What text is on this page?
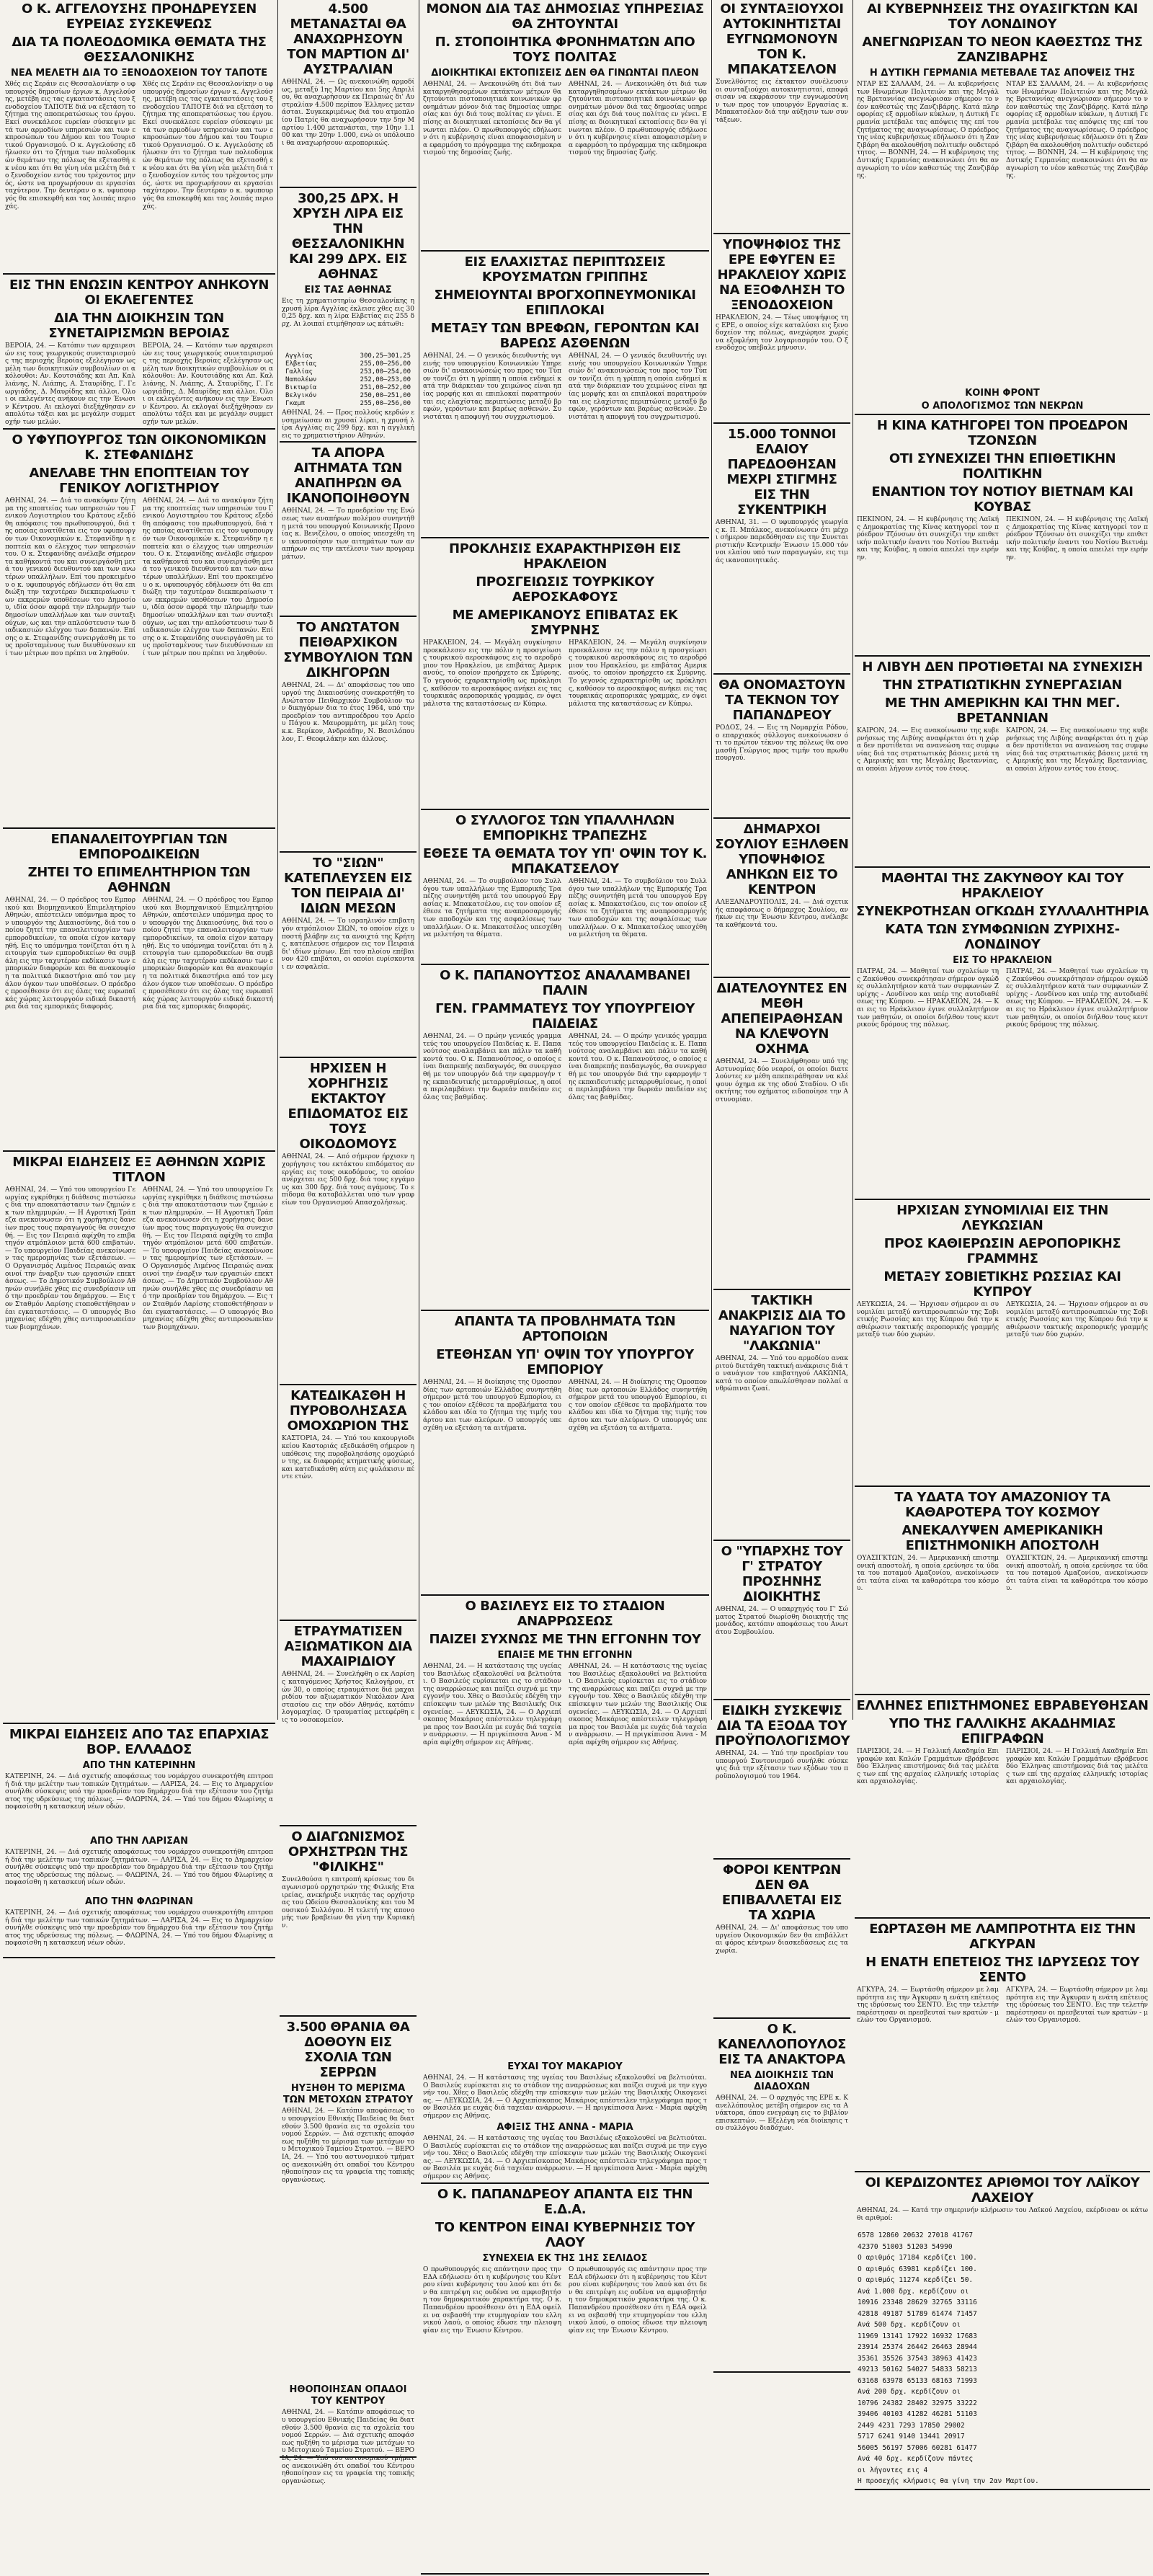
Ο Κ. ΑΓΓΕΛΟΥΣΗΣ ΠΡΟΗΔΡΕΥΣΕΝ ΕΥΡΕΙΑΣ ΣΥΣΚΕΨΕΩΣ
ΔΙΑ ΤΑ ΠΟΛΕΟΔΟΜΙΚΑ ΘΕΜΑΤΑ ΤΗΣ ΘΕΣΣΑΛΟΝΙΚΗΣ
ΝΕΑ ΜΕΛΕΤΗ ΔΙΑ ΤΟ ΞΕΝΟΔΟΧΕΙΟΝ ΤΟΥ ΤΑΠΟΤΕ

Χθές εις Σεράιν εις Θεσσαλονίκην ο υφυπουργός δημοσίων έργων κ. Αγγελούσης, μετέβη εις τας εγκαταστάσεις του ξενοδοχείου ΤΑΠΟΤΕ διά να εξετάση το ζήτημα της αποπερατώσεως του έργου. Εκεί συνεκάλεσε ευρείαν σύσκεψιν μετά των αρμοδίων υπηρεσιών και των εκπροσώπων του Δήμου και του Τουριστικού Οργανισμού. Ο κ. Αγγελούσης εδήλωσεν ότι το ζήτημα των πολεοδομικών θεμάτων της πόλεως θα εξετασθή εκ νέου και ότι θα γίνη νέα μελέτη διά το ξενοδοχείον εντός του τρέχοντος μηνός, ώστε να προχωρήσουν αι εργασίαι ταχύτερον. Την δευτέραν ο κ. υφυπουργός θα επισκεφθή και τας λοιπάς περιοχάς.

Χθές εις Σεράιν εις Θεσσαλονίκην ο υφυπουργός δημοσίων έργων κ. Αγγελούσης, μετέβη εις τας εγκαταστάσεις του ξενοδοχείου ΤΑΠΟΤΕ διά να εξετάση το ζήτημα της αποπερατώσεως του έργου. Εκεί συνεκάλεσε ευρείαν σύσκεψιν μετά των αρμοδίων υπηρεσιών και των εκπροσώπων του Δήμου και του Τουριστικού Οργανισμού. Ο κ. Αγγελούσης εδήλωσεν ότι το ζήτημα των πολεοδομικών θεμάτων της πόλεως θα εξετασθή εκ νέου και ότι θα γίνη νέα μελέτη διά το ξενοδοχείον εντός του τρέχοντος μηνός, ώστε να προχωρήσουν αι εργασίαι ταχύτερον. Την δευτέραν ο κ. υφυπουργός θα επισκεφθή και τας λοιπάς περιοχάς.

ΕΙΣ ΤΗΝ ΕΝΩΣΙΝ ΚΕΝΤΡΟΥ ΑΝΗΚΟΥΝ ΟΙ ΕΚΛΕΓΕΝΤΕΣ
ΔΙΑ ΤΗΝ ΔΙΟΙΚΗΣΙΝ ΤΩΝ ΣΥΝΕΤΑΙΡΙΣΜΩΝ ΒΕΡΟΙΑΣ

ΒΕΡΟΙΑ, 24. — Κατόπιν των αρχαιρεσιών εις τους γεωργικούς συνεταιρισμούς της περιοχής Βεροίας εξελέγησαν ως μέλη των διοικητικών συμβουλίων οι ακόλουθοι: Αν. Κουτσιάδης και Απ. Καλλιάνης, Ν. Λιάπης, Α. Σταυρίδης, Γ. Γεωργιάδης, Δ. Μαυρίδης και άλλοι. Όλοι οι εκλεγέντες ανήκουν εις την Ένωσιν Κέντρου. Αι εκλογαί διεξήχθησαν εν απολύτω τάξει και με μεγάλην συμμετοχήν των μελών.

ΒΕΡΟΙΑ, 24. — Κατόπιν των αρχαιρεσιών εις τους γεωργικούς συνεταιρισμούς της περιοχής Βεροίας εξελέγησαν ως μέλη των διοικητικών συμβουλίων οι ακόλουθοι: Αν. Κουτσιάδης και Απ. Καλλιάνης, Ν. Λιάπης, Α. Σταυρίδης, Γ. Γεωργιάδης, Δ. Μαυρίδης και άλλοι. Όλοι οι εκλεγέντες ανήκουν εις την Ένωσιν Κέντρου. Αι εκλογαί διεξήχθησαν εν απολύτω τάξει και με μεγάλην συμμετοχήν των μελών.

Ο ΥΦΥΠΟΥΡΓΟΣ ΤΩΝ ΟΙΚΟΝΟΜΙΚΩΝ Κ. ΣΤΕΦΑΝΙΔΗΣ
ΑΝΕΛΑΒΕ ΤΗΝ ΕΠΟΠΤΕΙΑΝ ΤΟΥ ΓΕΝΙΚΟΥ ΛΟΓΙΣΤΗΡΙΟΥ

ΑΘΗΝΑΙ, 24. — Διά το ανακύψαν ζήτημα της εποπτείας των υπηρεσιών του Γενικού Λογιστηρίου του Κράτους εξεδόθη απόφασις του πρωθυπουργού, διά της οποίας ανατίθεται εις τον υφυπουργόν των Οικονομικών κ. Στεφανίδην η εποπτεία και ο έλεγχος των υπηρεσιών του. Ο κ. Στεφανίδης ανέλαβε σήμερον τα καθήκοντά του και συνειργάσθη μετά του γενικού διευθυντού και των ανωτέρων υπαλλήλων. Επί του προκειμένου ο κ. υφυπουργός εδήλωσεν ότι θα επιδιώξη την ταχυτέραν διεκπεραίωσιν των εκκρεμών υποθέσεων του Δημοσίου, ιδία όσον αφορά την πληρωμήν των δημοσίων υπαλλήλων και των συνταξιούχων, ως και την απλούστευσιν των διαδικασιών ελέγχου των δαπανών. Επίσης ο κ. Στεφανίδης συνειργάσθη με τους προϊσταμένους των διευθύνσεων επί των μέτρων που πρέπει να ληφθούν.

ΑΘΗΝΑΙ, 24. — Διά το ανακύψαν ζήτημα της εποπτείας των υπηρεσιών του Γενικού Λογιστηρίου του Κράτους εξεδόθη απόφασις του πρωθυπουργού, διά της οποίας ανατίθεται εις τον υφυπουργόν των Οικονομικών κ. Στεφανίδην η εποπτεία και ο έλεγχος των υπηρεσιών του. Ο κ. Στεφανίδης ανέλαβε σήμερον τα καθήκοντά του και συνειργάσθη μετά του γενικού διευθυντού και των ανωτέρων υπαλλήλων. Επί του προκειμένου ο κ. υφυπουργός εδήλωσεν ότι θα επιδιώξη την ταχυτέραν διεκπεραίωσιν των εκκρεμών υποθέσεων του Δημοσίου, ιδία όσον αφορά την πληρωμήν των δημοσίων υπαλλήλων και των συνταξιούχων, ως και την απλούστευσιν των διαδικασιών ελέγχου των δαπανών. Επίσης ο κ. Στεφανίδης συνειργάσθη με τους προϊσταμένους των διευθύνσεων επί των μέτρων που πρέπει να ληφθούν.

ΕΠΑΝΑΛΕΙΤΟΥΡΓΙΑΝ ΤΩΝ ΕΜΠΟΡΟΔΙΚΕΙΩΝ
ΖΗΤΕΙ ΤΟ ΕΠΙΜΕΛΗΤΗΡΙΟΝ ΤΩΝ ΑΘΗΝΩΝ

ΑΘΗΝΑΙ, 24. — Ο πρόεδρος του Εμπορικού και Βιομηχανικού Επιμελητηρίου Αθηνών, απέστειλεν υπόμνημα προς τον υπουργόν της Δικαιοσύνης, διά του οποίου ζητεί την επαναλειτουργίαν των εμποροδικείων, τα οποία είχον καταργηθή. Εις το υπόμνημα τονίζεται ότι η λειτουργία των εμποροδικείων θα συμβάλη εις την ταχυτέραν εκδίκασιν των εμπορικών διαφορών και θα ανακουφίση τα πολιτικά δικαστήρια από τον μεγάλον όγκον των υποθέσεων. Ο πρόεδρος προσέθεσεν ότι εις όλας τας ευρωπαϊκάς χώρας λειτουργούν ειδικά δικαστήρια διά τας εμπορικάς διαφοράς.

ΑΘΗΝΑΙ, 24. — Ο πρόεδρος του Εμπορικού και Βιομηχανικού Επιμελητηρίου Αθηνών, απέστειλεν υπόμνημα προς τον υπουργόν της Δικαιοσύνης, διά του οποίου ζητεί την επαναλειτουργίαν των εμποροδικείων, τα οποία είχον καταργηθή. Εις το υπόμνημα τονίζεται ότι η λειτουργία των εμποροδικείων θα συμβάλη εις την ταχυτέραν εκδίκασιν των εμπορικών διαφορών και θα ανακουφίση τα πολιτικά δικαστήρια από τον μεγάλον όγκον των υποθέσεων. Ο πρόεδρος προσέθεσεν ότι εις όλας τας ευρωπαϊκάς χώρας λειτουργούν ειδικά δικαστήρια διά τας εμπορικάς διαφοράς.

ΜΙΚΡΑΙ ΕΙΔΗΣΕΙΣ ΕΞ ΑΘΗΝΩΝ ΧΩΡΙΣ ΤΙΤΛΟΝ

ΑΘΗΝΑΙ, 24. — Υπό του υπουργείου Γεωργίας εγκρίθηκε η διάθεσις πιστώσεως διά την αποκατάστασιν των ζημιών εκ των πλημμυρών. — Η Αγροτική Τράπεζα ανεκοίνωσεν ότι η χορήγησις δανείων προς τους παραγωγούς θα συνεχισθή. — Εις τον Πειραιά αφίχθη το επιβατηγόν ατμόπλοιον μετά 600 επιβατών. — Το υπουργείον Παιδείας ανεκοίνωσεν τας ημερομηνίας των εξετάσεων. — Ο Οργανισμός Λιμένος Πειραιώς ανακοινοί την έναρξιν των εργασιών επεκτάσεως. — Το Δημοτικόν Συμβούλιον Αθηνών συνήλθε χθες εις συνεδρίασιν υπό την προεδρίαν του δημάρχου. — Εις τον Σταθμόν Λαρίσης ετοποθετήθησαν νέαι εγκαταστάσεις. — Ο υπουργός Βιομηχανίας εδέχθη χθες αντιπροσωπείαν των βιομηχάνων.

ΑΘΗΝΑΙ, 24. — Υπό του υπουργείου Γεωργίας εγκρίθηκε η διάθεσις πιστώσεως διά την αποκατάστασιν των ζημιών εκ των πλημμυρών. — Η Αγροτική Τράπεζα ανεκοίνωσεν ότι η χορήγησις δανείων προς τους παραγωγούς θα συνεχισθή. — Εις τον Πειραιά αφίχθη το επιβατηγόν ατμόπλοιον μετά 600 επιβατών. — Το υπουργείον Παιδείας ανεκοίνωσεν τας ημερομηνίας των εξετάσεων. — Ο Οργανισμός Λιμένος Πειραιώς ανακοινοί την έναρξιν των εργασιών επεκτάσεως. — Το Δημοτικόν Συμβούλιον Αθηνών συνήλθε χθες εις συνεδρίασιν υπό την προεδρίαν του δημάρχου. — Εις τον Σταθμόν Λαρίσης ετοποθετήθησαν νέαι εγκαταστάσεις. — Ο υπουργός Βιομηχανίας εδέχθη χθες αντιπροσωπείαν των βιομηχάνων.

ΜΙΚΡΑΙ ΕΙΔΗΣΕΙΣ ΑΠΟ ΤΑΣ ΕΠΑΡΧΙΑΣ ΒΟΡ. ΕΛΛΑΔΟΣ
ΑΠΟ ΤΗΝ ΚΑΤΕΡΙΝΗΝ

ΚΑΤΕΡΙΝΗ, 24. — Διά σχετικής αποφάσεως του νομάρχου συνεκροτήθη επιτροπή διά την μελέτην των τοπικών ζητημάτων. — ΛΑΡΙΣΑ, 24. — Εις το Δημαρχείον συνήλθε σύσκεψις υπό την προεδρίαν του δημάρχου διά την εξέτασιν του ζητήματος της υδρεύσεως της πόλεως. — ΦΛΩΡΙΝΑ, 24. — Υπό του δήμου Φλωρίνης αποφασίσθη η κατασκευή νέων οδών.

ΑΠΟ ΤΗΝ ΛΑΡΙΣΑΝ

ΚΑΤΕΡΙΝΗ, 24. — Διά σχετικής αποφάσεως του νομάρχου συνεκροτήθη επιτροπή διά την μελέτην των τοπικών ζητημάτων. — ΛΑΡΙΣΑ, 24. — Εις το Δημαρχείον συνήλθε σύσκεψις υπό την προεδρίαν του δημάρχου διά την εξέτασιν του ζητήματος της υδρεύσεως της πόλεως. — ΦΛΩΡΙΝΑ, 24. — Υπό του δήμου Φλωρίνης αποφασίσθη η κατασκευή νέων οδών.

ΑΠΟ ΤΗΝ ΦΛΩΡΙΝΑΝ

ΚΑΤΕΡΙΝΗ, 24. — Διά σχετικής αποφάσεως του νομάρχου συνεκροτήθη επιτροπή διά την μελέτην των τοπικών ζητημάτων. — ΛΑΡΙΣΑ, 24. — Εις το Δημαρχείον συνήλθε σύσκεψις υπό την προεδρίαν του δημάρχου διά την εξέτασιν του ζητήματος της υδρεύσεως της πόλεως. — ΦΛΩΡΙΝΑ, 24. — Υπό του δήμου Φλωρίνης αποφασίσθη η κατασκευή νέων οδών.

4.500 ΜΕΤΑΝΑΣΤΑΙ ΘΑ ΑΝΑΧΩΡΗΣΟΥΝ ΤΟΝ ΜΑΡΤΙΟΝ ΔΙ' ΑΥΣΤΡΑΛΙΑΝ

ΑΘΗΝΑΙ, 24. — Ως ανεκοινώθη αρμοδίως, μεταξύ 1ης Μαρτίου και 5ης Απριλίου, θα αναχωρήσουν εκ Πειραιώς δι' Αυστραλίαν 4.500 περίπου Έλληνες μετανάσται. Συγκεκριμένως διά του ατμοπλοίου Πατρίς θα αναχωρήσουν την 5ην Μαρτίου 1.400 μετανάσται, την 10ην 1.100 και την 20ην 1.000, ενώ οι υπόλοιποι θα αναχωρήσουν αεροπορικώς.

300,25 ΔΡΧ. Η ΧΡΥΣΗ ΛΙΡΑ ΕΙΣ ΤΗΝ ΘΕΣΣΑΛΟΝΙΚΗΝ ΚΑΙ 299 ΔΡΧ. ΕΙΣ ΑΘΗΝΑΣ
ΕΙΣ ΤΑΣ ΑΘΗΝΑΣ

Εις τη χρηματιστηρίω Θεσσαλονίκης η χρυσή λίρα Αγγλίας έκλεισε χθες εις 300,25 δρχ. και η λίρα Ελβετίας εις 255 δρχ. Αι λοιπαί ετιμήθησαν ως κάτωθι:

Αγγλίας	300,25—301,25
Ελβετίας	255,00—256,00
Γαλλίας	253,00—254,00
Ναπολέων	252,00—253,00
Βικτωρία	251,00—252,00
Βελγικόν	250,00—251,00
Γκαμπ	255,00—256,00

ΑΘΗΝΑΙ, 24. — Προς πολλούς κερδών ενσημείωσαν αι χρυσαί λίραι, η χρυσή λίρα Αγγλίας εις 299 δρχ. και η αγγλική εις το χρηματιστήριον Αθηνών.

ΤΑ ΑΠΟΡΑ ΑΙΤΗΜΑΤΑ ΤΩΝ ΑΝΑΠΗΡΩΝ ΘΑ ΙΚΑΝΟΠΟΙΗΘΟΥΝ

ΑΘΗΝΑΙ, 24. — Το προεδρείον της Ενώσεως των αναπήρων πολέμου συνηντήθη μετά του υπουργού Κοινωνικής Προνοίας κ. Βενιζέλου, ο οποίος υπεσχέθη την ικανοποίησιν των αιτημάτων των αναπήρων εις την εκτέλεσιν των προγραμμάτων.

ΤΟ ΑΝΩΤΑΤΟΝ ΠΕΙΘΑΡΧΙΚΟΝ ΣΥΜΒΟΥΛΙΟΝ ΤΩΝ ΔΙΚΗΓΟΡΩΝ

ΑΘΗΝΑΙ, 24. — Δι' αποφάσεως του υπουργού της Δικαιοσύνης συνεκροτήθη το Ανώτατον Πειθαρχικόν Συμβούλιον των δικηγόρων δια το έτος 1964, υπό την προεδρίαν του αντιπροέδρου του Αρείου Πάγου κ. Μαυρομμάτη, με μέλη τους κ.κ. Βερίκον, Ανδρεάδην, Ν. Βασιλόπουλον, Γ. Θεοφιλάκην και άλλους.

ΤΟ "ΣΙΩΝ" ΚΑΤΕΠΛΕΥΣΕΝ ΕΙΣ ΤΟΝ ΠΕΙΡΑΙΑ ΔΙ' ΙΔΙΩΝ ΜΕΣΩΝ

ΑΘΗΝΑΙ, 24. — Το ισραηλινόν επιβατηγόν ατμόπλοιον ΣΙΩΝ, το οποίον είχε υποστή βλάβην εις τα ανοιχτά της Κρήτης, κατέπλευσε σήμερον εις τον Πειραιά δι' ιδίων μέσων. Επί του πλοίου επέβαινον 420 επιβάται, οι οποίοι ευρίσκονται εν ασφαλεία.

ΗΡΧΙΣΕΝ Η ΧΟΡΗΓΗΣΙΣ ΕΚΤΑΚΤΟΥ ΕΠΙΔΟΜΑΤΟΣ ΕΙΣ ΤΟΥΣ ΟΙΚΟΔΟΜΟΥΣ

ΑΘΗΝΑΙ, 24. — Από σήμερον ήρχισεν η χορήγησις του εκτάκτου επιδόματος ανεργίας εις τους οικοδόμους, το οποίον ανέρχεται εις 500 δρχ. διά τους εγγάμους και 300 δρχ. διά τους αγάμους. Το επίδομα θα καταβάλλεται υπό των γραφείων του Οργανισμού Απασχολήσεως.

ΚΑΤΕΔΙΚΑΣΘΗ Η ΠΥΡΟΒΟΛΗΣΑΣΑ ΟΜΟΧΩΡΙΟΝ ΤΗΣ

ΚΑΣΤΟΡΙΑ, 24. — Υπό του κακουργιοδικείου Καστοριάς εξεδικάσθη σήμερον η υπόθεσις της πυροβολησάσης ομοχώριόν της, εκ διαφοράς κτηματικής φύσεως, και κατεδικάσθη αύτη εις φυλάκισιν πέντε ετών.

ΕΤΡΑΥΜΑΤΙΣΕΝ ΑΞΙΩΜΑΤΙΚΟΝ ΔΙΑ ΜΑΧΑΙΡΙΔΙΟΥ

ΑΘΗΝΑΙ, 24. — Συνελήφθη ο εκ Λαρίσης καταγόμενος Χρήστος Καλογήρου, ετών 30, ο οποίος ετραυμάτισε διά μαχαιριδίου τον αξιωματικόν Νικόλαον Αναστασίου εις την οδόν Αθηνάς, κατόπιν λογομαχίας. Ο τραυματίας μετεφέρθη εις το νοσοκομείον.

Ο ΔΙΑΓΩΝΙΣΜΟΣ ΟΡΧΗΣΤΡΩΝ ΤΗΣ "ΦΙΛΙΚΗΣ"

Συνελθούσα η επιτροπή κρίσεως του διαγωνισμού ορχηστρών της Φιλικής Εταιρείας, ανεκήρυξε νικητάς τας ορχήστρας του Ωδείου Θεσσαλονίκης και του Μουσικού Συλλόγου. Η τελετή της απονομής των βραβείων θα γίνη την Κυριακήν.

3.500 ΘΡΑΝΙΑ ΘΑ ΔΟΘΟΥΝ ΕΙΣ ΣΧΟΛΙΑ ΤΩΝ ΣΕΡΡΩΝ
ΗΥΞΗΘΗ ΤΟ ΜΕΡΙΣΜΑ ΤΩΝ ΜΕΤΟΧΩΝ ΣΤΡΑΤΟΥ

ΑΘΗΝΑΙ, 24. — Κατόπιν αποφάσεως του υπουργείου Εθνικής Παιδείας θα διατεθούν 3.500 θρανία εις τα σχολεία του νομού Σερρών. — Διά σχετικής αποφάσεως ηυξήθη το μέρισμα των μετόχων του Μετοχικού Ταμείου Στρατού. — ΒΕΡΟΙΑ, 24. — Υπό του αστυνομικού τμήματος ανεκοινώθη ότι οπαδοί του Κέντρου ηθοποίησαν εις τα γραφεία της τοπικής οργανώσεως.

ΗΘΟΠΟΙΗΣΑΝ ΟΠΑΔΟΙ ΤΟΥ ΚΕΝΤΡΟΥ

ΑΘΗΝΑΙ, 24. — Κατόπιν αποφάσεως του υπουργείου Εθνικής Παιδείας θα διατεθούν 3.500 θρανία εις τα σχολεία του νομού Σερρών. — Διά σχετικής αποφάσεως ηυξήθη το μέρισμα των μετόχων του Μετοχικού Ταμείου Στρατού. — ΒΕΡΟΙΑ, 24. — Υπό του αστυνομικού τμήματος ανεκοινώθη ότι οπαδοί του Κέντρου ηθοποίησαν εις τα γραφεία της τοπικής οργανώσεως.

ΜΟΝΟΝ ΔΙΑ ΤΑΣ ΔΗΜΟΣΙΑΣ ΥΠΗΡΕΣΙΑΣ ΘΑ ΖΗΤΟΥΝΤΑΙ
Π. ΣΤΟΠΟΙΗΤΙΚΑ ΦΡΟΝΗΜΑΤΩΝ ΑΠΟ ΤΟΥΣ ΠΟΛΙΤΑΣ
ΔΙΟΙΚΗΤΙΚΑΙ ΕΚΤΟΠΙΣΕΙΣ ΔΕΝ ΘΑ ΓΙΝΩΝΤΑΙ ΠΛΕΟΝ

ΑΘΗΝΑΙ, 24. — Ανεκοινώθη ότι διά των καταργηθησομένων εκτάκτων μέτρων θα ζητούνται πιστοποιητικά κοινωνικών φρονημάτων μόνον διά τας δημοσίας υπηρεσίας και όχι διά τους πολίτας εν γένει. Επίσης αι διοικητικαί εκτοπίσεις δεν θα γίνωνται πλέον. Ο πρωθυπουργός εδήλωσεν ότι η κυβέρνησις είναι αποφασισμένη να εφαρμόση το πρόγραμμα της εκδημοκρατισμού της δημοσίας ζωής.

ΑΘΗΝΑΙ, 24. — Ανεκοινώθη ότι διά των καταργηθησομένων εκτάκτων μέτρων θα ζητούνται πιστοποιητικά κοινωνικών φρονημάτων μόνον διά τας δημοσίας υπηρεσίας και όχι διά τους πολίτας εν γένει. Επίσης αι διοικητικαί εκτοπίσεις δεν θα γίνωνται πλέον. Ο πρωθυπουργός εδήλωσεν ότι η κυβέρνησις είναι αποφασισμένη να εφαρμόση το πρόγραμμα της εκδημοκρατισμού της δημοσίας ζωής.

ΕΙΣ ΕΛΑΧΙΣΤΑΣ ΠΕΡΙΠΤΩΣΕΙΣ ΚΡΟΥΣΜΑΤΩΝ ΓΡΙΠΠΗΣ
ΣΗΜΕΙΟΥΝΤΑΙ ΒΡΟΓΧΟΠΝΕΥΜΟΝΙΚΑΙ ΕΠΙΠΛΟΚΑΙ
ΜΕΤΑΞΥ ΤΩΝ ΒΡΕΦΩΝ, ΓΕΡΟΝΤΩΝ ΚΑΙ ΒΑΡΕΩΣ ΑΣΘΕΝΩΝ

ΑΘΗΝΑΙ, 24. — Ο γενικός διευθυντής υγιεινής του υπουργείου Κοινωνικών Υπηρεσιών δι' ανακοινώσεώς του προς τον Τύπον τονίζει ότι η γρίππη η οποία ενδημεί κατά την διάρκειαν του χειμώνος είναι ηπίας μορφής και αι επιπλοκαί παρατηρούνται εις ελαχίστας περιπτώσεις μεταξύ βρεφών, γερόντων και βαρέως ασθενών. Συνιστάται η αποφυγή του συγχρωτισμού.

ΑΘΗΝΑΙ, 24. — Ο γενικός διευθυντής υγιεινής του υπουργείου Κοινωνικών Υπηρεσιών δι' ανακοινώσεώς του προς τον Τύπον τονίζει ότι η γρίππη η οποία ενδημεί κατά την διάρκειαν του χειμώνος είναι ηπίας μορφής και αι επιπλοκαί παρατηρούνται εις ελαχίστας περιπτώσεις μεταξύ βρεφών, γερόντων και βαρέως ασθενών. Συνιστάται η αποφυγή του συγχρωτισμού.

ΠΡΟΚΛΗΣΙΣ ΕΧΑΡΑΚΤΗΡΙΣΘΗ ΕΙΣ ΗΡΑΚΛΕΙΟΝ
ΠΡΟΣΓΕΙΩΣΙΣ ΤΟΥΡΚΙΚΟΥ ΑΕΡΟΣΚΑΦΟΥΣ
ΜΕ ΑΜΕΡΙΚΑΝΟΥΣ ΕΠΙΒΑΤΑΣ ΕΚ ΣΜΥΡΝΗΣ

ΗΡΑΚΛΕΙΟΝ, 24. — Μεγάλη συγκίνησιν προεκάλεσεν εις την πόλιν η προσγείωσις τουρκικού αεροσκάφους εις το αεροδρόμιον του Ηρακλείου, με επιβάτας Αμερικανούς, το οποίον προήρχετο εκ Σμύρνης. Το γεγονός εχαρακτηρίσθη ως πρόκλησις, καθόσον το αεροσκάφος ανήκει εις τας τουρκικάς αεροπορικάς γραμμάς, εν όψει μάλιστα της καταστάσεως εν Κύπρω.

ΗΡΑΚΛΕΙΟΝ, 24. — Μεγάλη συγκίνησιν προεκάλεσεν εις την πόλιν η προσγείωσις τουρκικού αεροσκάφους εις το αεροδρόμιον του Ηρακλείου, με επιβάτας Αμερικανούς, το οποίον προήρχετο εκ Σμύρνης. Το γεγονός εχαρακτηρίσθη ως πρόκλησις, καθόσον το αεροσκάφος ανήκει εις τας τουρκικάς αεροπορικάς γραμμάς, εν όψει μάλιστα της καταστάσεως εν Κύπρω.

Ο ΣΥΛΛΟΓΟΣ ΤΩΝ ΥΠΑΛΛΗΛΩΝ ΕΜΠΟΡΙΚΗΣ ΤΡΑΠΕΖΗΣ
ΕΘΕΣΕ ΤΑ ΘΕΜΑΤΑ ΤΟΥ ΥΠ' ΟΨΙΝ ΤΟΥ Κ. ΜΠΑΚΑΤΣΕΛΟΥ

ΑΘΗΝΑΙ, 24. — Το συμβούλιον του Συλλόγου των υπαλλήλων της Εμπορικής Τραπέζης συνηντήθη μετά του υπουργού Εργασίας κ. Μπακατσέλου, εις τον οποίον εξέθεσε τα ζητήματα της αναπροσαρμογής των αποδοχών και της ασφαλίσεως των υπαλλήλων. Ο κ. Μπακατσέλος υπεσχέθη να μελετήση τα θέματα.

ΑΘΗΝΑΙ, 24. — Το συμβούλιον του Συλλόγου των υπαλλήλων της Εμπορικής Τραπέζης συνηντήθη μετά του υπουργού Εργασίας κ. Μπακατσέλου, εις τον οποίον εξέθεσε τα ζητήματα της αναπροσαρμογής των αποδοχών και της ασφαλίσεως των υπαλλήλων. Ο κ. Μπακατσέλος υπεσχέθη να μελετήση τα θέματα.

Ο Κ. ΠΑΠΑΝΟΥΤΣΟΣ ΑΝΑΛΑΜΒΑΝΕΙ ΠΑΛΙΝ
ΓΕΝ. ΓΡΑΜΜΑΤΕΥΣ ΤΟΥ ΥΠΟΥΡΓΕΙΟΥ ΠΑΙΔΕΙΑΣ

ΑΘΗΝΑΙ, 24. — Ο πρώην γενικός γραμματεύς του υπουργείου Παιδείας κ. Ε. Παπανούτσος αναλαμβάνει και πάλιν τα καθήκοντά του. Ο κ. Παπανούτσος, ο οποίος είναι διαπρεπής παιδαγωγός, θα συνεργασθή με τον υπουργόν διά την εφαρμογήν της εκπαιδευτικής μεταρρυθμίσεως, η οποία περιλαμβάνει την δωρεάν παιδείαν εις όλας τας βαθμίδας.

ΑΘΗΝΑΙ, 24. — Ο πρώην γενικός γραμματεύς του υπουργείου Παιδείας κ. Ε. Παπανούτσος αναλαμβάνει και πάλιν τα καθήκοντά του. Ο κ. Παπανούτσος, ο οποίος είναι διαπρεπής παιδαγωγός, θα συνεργασθή με τον υπουργόν διά την εφαρμογήν της εκπαιδευτικής μεταρρυθμίσεως, η οποία περιλαμβάνει την δωρεάν παιδείαν εις όλας τας βαθμίδας.

ΑΠΑΝΤΑ ΤΑ ΠΡΟΒΛΗΜΑΤΑ ΤΩΝ ΑΡΤΟΠΟΙΩΝ
ΕΤΕΘΗΣΑΝ ΥΠ' ΟΨΙΝ ΤΟΥ ΥΠΟΥΡΓΟΥ ΕΜΠΟΡΙΟΥ

ΑΘΗΝΑΙ, 24. — Η διοίκησις της Ομοσπονδίας των αρτοποιών Ελλάδος συνηντήθη σήμερον μετά του υπουργού Εμπορίου, εις τον οποίον εξέθεσε τα προβλήματα του κλάδου και ιδία το ζήτημα της τιμής του άρτου και των αλεύρων. Ο υπουργός υπεσχέθη να εξετάση τα αιτήματα.

ΑΘΗΝΑΙ, 24. — Η διοίκησις της Ομοσπονδίας των αρτοποιών Ελλάδος συνηντήθη σήμερον μετά του υπουργού Εμπορίου, εις τον οποίον εξέθεσε τα προβλήματα του κλάδου και ιδία το ζήτημα της τιμής του άρτου και των αλεύρων. Ο υπουργός υπεσχέθη να εξετάση τα αιτήματα.

Ο ΒΑΣΙΛΕΥΣ ΕΙΣ ΤΟ ΣΤΑΔΙΟΝ ΑΝΑΡΡΩΣΕΩΣ
ΠΑΙΖΕΙ ΣΥΧΝΩΣ ΜΕ ΤΗΝ ΕΓΓΟΝΗΝ ΤΟΥ
ΕΠΑΙΞΕ ΜΕ ΤΗΝ ΕΓΓΟΝΗΝ

ΑΘΗΝΑΙ, 24. — Η κατάστασις της υγείας του Βασιλέως εξακολουθεί να βελτιούται. Ο Βασιλεύς ευρίσκεται εις το στάδιον της αναρρώσεως και παίζει συχνά με την εγγονήν του. Χθες ο Βασιλεύς εδέχθη την επίσκεψιν των μελών της Βασιλικής Οικογενείας. — ΛΕΥΚΩΣΙΑ, 24. — Ο Αρχιεπίσκοπος Μακάριος απέστειλεν τηλεγράφημα προς τον Βασιλέα με ευχάς διά ταχείαν ανάρρωσιν. — Η πριγκίπισσα Άννα - Μαρία αφίχθη σήμερον εις Αθήνας.

ΑΘΗΝΑΙ, 24. — Η κατάστασις της υγείας του Βασιλέως εξακολουθεί να βελτιούται. Ο Βασιλεύς ευρίσκεται εις το στάδιον της αναρρώσεως και παίζει συχνά με την εγγονήν του. Χθες ο Βασιλεύς εδέχθη την επίσκεψιν των μελών της Βασιλικής Οικογενείας. — ΛΕΥΚΩΣΙΑ, 24. — Ο Αρχιεπίσκοπος Μακάριος απέστειλεν τηλεγράφημα προς τον Βασιλέα με ευχάς διά ταχείαν ανάρρωσιν. — Η πριγκίπισσα Άννα - Μαρία αφίχθη σήμερον εις Αθήνας.

ΕΥΧΑΙ ΤΟΥ ΜΑΚΑΡΙΟΥ

ΑΘΗΝΑΙ, 24. — Η κατάστασις της υγείας του Βασιλέως εξακολουθεί να βελτιούται. Ο Βασιλεύς ευρίσκεται εις το στάδιον της αναρρώσεως και παίζει συχνά με την εγγονήν του. Χθες ο Βασιλεύς εδέχθη την επίσκεψιν των μελών της Βασιλικής Οικογενείας. — ΛΕΥΚΩΣΙΑ, 24. — Ο Αρχιεπίσκοπος Μακάριος απέστειλεν τηλεγράφημα προς τον Βασιλέα με ευχάς διά ταχείαν ανάρρωσιν. — Η πριγκίπισσα Άννα - Μαρία αφίχθη σήμερον εις Αθήνας.

ΑΦΙΞΙΣ ΤΗΣ ΑΝΝΑ - ΜΑΡΙΑ

ΑΘΗΝΑΙ, 24. — Η κατάστασις της υγείας του Βασιλέως εξακολουθεί να βελτιούται. Ο Βασιλεύς ευρίσκεται εις το στάδιον της αναρρώσεως και παίζει συχνά με την εγγονήν του. Χθες ο Βασιλεύς εδέχθη την επίσκεψιν των μελών της Βασιλικής Οικογενείας. — ΛΕΥΚΩΣΙΑ, 24. — Ο Αρχιεπίσκοπος Μακάριος απέστειλεν τηλεγράφημα προς τον Βασιλέα με ευχάς διά ταχείαν ανάρρωσιν. — Η πριγκίπισσα Άννα - Μαρία αφίχθη σήμερον εις Αθήνας.

Ο Κ. ΠΑΠΑΝΔΡΕΟΥ ΑΠΑΝΤΑ ΕΙΣ ΤΗΝ Ε.Δ.Α.
ΤΟ ΚΕΝΤΡΟΝ ΕΙΝΑΙ ΚΥΒΕΡΝΗΣΙΣ ΤΟΥ ΛΑΟΥ
ΣΥΝΕΧΕΙΑ ΕΚ ΤΗΣ 1ΗΣ ΣΕΛΙΔΟΣ

Ο πρωθυπουργός εις απάντησιν προς την ΕΔΑ εδήλωσεν ότι η κυβέρνησις του Κέντρου είναι κυβέρνησις του λαού και ότι δεν θα επιτρέψη εις ουδένα να αμφισβητήση τον δημοκρατικόν χαρακτήρα της. Ο κ. Παπανδρέου προσέθεσεν ότι η ΕΔΑ οφείλει να σεβασθή την ετυμηγορίαν του ελληνικού λαού, ο οποίος έδωσε την πλειοψηφίαν εις την Ένωσιν Κέντρου.

Ο πρωθυπουργός εις απάντησιν προς την ΕΔΑ εδήλωσεν ότι η κυβέρνησις του Κέντρου είναι κυβέρνησις του λαού και ότι δεν θα επιτρέψη εις ουδένα να αμφισβητήση τον δημοκρατικόν χαρακτήρα της. Ο κ. Παπανδρέου προσέθεσεν ότι η ΕΔΑ οφείλει να σεβασθή την ετυμηγορίαν του ελληνικού λαού, ο οποίος έδωσε την πλειοψηφίαν εις την Ένωσιν Κέντρου.

ΟΙ ΣΥΝΤΑΞΙΟΥΧΟΙ ΑΥΤΟΚΙΝΗΤΙΣΤΑΙ ΕΥΓΝΩΜΟΝΟΥΝ ΤΟΝ Κ. ΜΠΑΚΑΤΣΕΛΟΝ

Συνελθόντες εις έκτακτον συνέλευσιν οι συνταξιούχοι αυτοκινητισταί, αποφάσισαν να εκφράσουν την ευγνωμοσύνην των προς τον υπουργόν Εργασίας κ. Μπακατσέλον διά την αύξησιν των συντάξεων.

ΥΠΟΨΗΦΙΟΣ ΤΗΣ ΕΡΕ ΕΦΥΓΕΝ ΕΞ ΗΡΑΚΛΕΙΟΥ ΧΩΡΙΣ ΝΑ ΕΞΟΦΛΗΣΗ ΤΟ ΞΕΝΟΔΟΧΕΙΟΝ

ΗΡΑΚΛΕΙΟΝ, 24. — Τέως υποψήφιος της ΕΡΕ, ο οποίος είχε καταλύσει εις ξενοδοχείον της πόλεως, ανεχώρησε χωρίς να εξοφλήση τον λογαριασμόν του. Ο ξενοδόχος υπέβαλε μήνυσιν.

15.000 ΤΟΝΝΟΙ ΕΛΑΙΟΥ ΠΑΡΕΔΟΘΗΣΑΝ ΜΕΧΡΙ ΣΤΙΓΜΗΣ ΕΙΣ ΤΗΝ ΣΥΚΕΝΤΡΙΚΗ

ΑΘΗΝΑΙ, 31. — Ο υφυπουργός γεωργίας κ. Π. Μπάλκος, ανεκοίνωσεν ότι μέχρι σήμερον παρεδόθησαν εις την Συνεταιριστικήν Κεντρικήν Ένωσιν 15.000 τόννοι ελαίου υπό των παραγωγών, εις τιμάς ικανοποιητικάς.

ΘΑ ΟΝΟΜΑΣΤΟΥΝ ΤΑ ΤΕΚΝΟΝ ΤΟΥ ΠΑΠΑΝΔΡΕΟΥ

ΡΟΔΟΣ, 24. — Εις τη Νομαρχία Ρόδου, ο επαρχιακός σύλλογος ανεκοίνωσεν ότι το πρώτον τέκνον της πόλεως θα ονομασθή Γεώργιος προς τιμήν του πρωθυπουργού.

ΔΗΜΑΡΧΟΙ ΣΟΥΛΙΟΥ ΕΞΗΛΘΕΝ ΥΠΟΨΗΦΙΟΣ ΑΝΗΚΩΝ ΕΙΣ ΤΟ ΚΕΝΤΡΟΝ

ΑΛΕΞΑΝΔΡΟΥΠΟΛΙΣ, 24. — Διά σχετικής αποφάσεως ο δήμαρχος Σουλίου, ανήκων εις την Ένωσιν Κέντρου, ανέλαβε τα καθήκοντά του.

ΔΙΑΤΕΛΟΥΝΤΕΣ ΕΝ ΜΕΘΗ ΑΠΕΠΕΙΡΑΘΗΣΑΝ ΝΑ ΚΛΕΨΟΥΝ ΟΧΗΜΑ

ΑΘΗΝΑΙ, 24. — Συνελήφθησαν υπό της Αστυνομίας δύο νεαροί, οι οποίοι διατελούντες εν μέθη απεπειράθησαν να κλέψουν όχημα εκ της οδού Σταδίου. Ο ιδιοκτήτης του οχήματος ειδοποίησε την Αστυνομίαν.

ΤΑΚΤΙΚΗ ΑΝΑΚΡΙΣΙΣ ΔΙΑ ΤΟ ΝΑΥΑΓΙΟΝ ΤΟΥ "ΛΑΚΩΝΙΑ"

ΑΘΗΝΑΙ, 24. — Υπό του αρμοδίου ανακριτού διετάχθη τακτική ανάκρισις διά το ναυάγιον του επιβατηγού ΛΑΚΩΝΙΑ, κατά το οποίον απωλέσθησαν πολλαί ανθρώπιναι ζωαί.

Ο "ΥΠΑΡΧΗΣ ΤΟΥ Γ' ΣΤΡΑΤΟΥ ΠΡΟΣΗΝΗΣ ΔΙΟΙΚΗΤΗΣ

ΑΘΗΝΑΙ, 24. — Ο υπαρχηγός του Γ' Σώματος Στρατού διωρίσθη διοικητής της μονάδος, κατόπιν αποφάσεως του Ανωτάτου Συμβουλίου.

ΕΙΔΙΚΗ ΣΥΣΚΕΨΙΣ ΔΙΑ ΤΑ ΕΞΟΔΑ ΤΟΥ ΠΡΟΫΠΟΛΟΓΙΣΜΟΥ

ΑΘΗΝΑΙ, 24. — Υπό την προεδρίαν του υπουργού Συντονισμού συνήλθε σύσκεψις διά την εξέτασιν των εξόδων του προϋπολογισμού του 1964.

ΦΟΡΟΙ ΚΕΝΤΡΩΝ ΔΕΝ ΘΑ ΕΠΙΒΑΛΛΕΤΑΙ ΕΙΣ ΤΑ ΧΩΡΙΑ

ΑΘΗΝΑΙ, 24. — Δι' αποφάσεως του υπουργείου Οικονομικών δεν θα επιβάλλεται φόρος κέντρων διασκεδάσεως εις τα χωρία.

Ο Κ. ΚΑΝΕΛΛΟΠΟΥΛΟΣ ΕΙΣ ΤΑ ΑΝΑΚΤΟΡΑ
ΝΕΑ ΔΙΟΙΚΗΣΙΣ ΤΩΝ ΔΙΑΔΟΧΩΝ

ΑΘΗΝΑΙ, 24. — Ο αρχηγός της ΕΡΕ κ. Κανελλόπουλος μετέβη σήμερον εις τα Ανάκτορα, όπου ενεγράφη εις το βιβλίον επισκεπτών. — Εξελέγη νέα διοίκησις του συλλόγου διαδόχων.

ΑΙ ΚΥΒΕΡΝΗΣΕΙΣ ΤΗΣ ΟΥΑΣΙΓΚΤΩΝ ΚΑΙ ΤΟΥ ΛΟΝΔΙΝΟΥ
ΑΝΕΓΝΩΡΙΣΑΝ ΤΟ ΝΕΟΝ ΚΑΘΕΣΤΩΣ ΤΗΣ ΖΑΝΖΙΒΑΡΗΣ
Η ΔΥΤΙΚΗ ΓΕΡΜΑΝΙΑ ΜΕΤΕΒΑΛΕ ΤΑΣ ΑΠΟΨΕΙΣ ΤΗΣ

ΝΤΑΡ ΕΣ ΣΑΛΑΑΜ, 24. — Αι κυβερνήσεις των Ηνωμένων Πολιτειών και της Μεγάλης Βρεταννίας ανεγνώρισαν σήμερον το νέον καθεστώς της Ζανζιβάρης. Κατά πληροφορίας εξ αρμοδίων κύκλων, η Δυτική Γερμανία μετέβαλε τας απόψεις της επί του ζητήματος της αναγνωρίσεως. Ο πρόεδρος της νέας κυβερνήσεως εδήλωσεν ότι η Ζανζιβάρη θα ακολουθήση πολιτικήν ουδετερότητος. — ΒΟΝΝΗ, 24. — Η κυβέρνησις της Δυτικής Γερμανίας ανακοινώνει ότι θα αναγνωρίση το νέον καθεστώς της Ζανζιβάρης.

ΝΤΑΡ ΕΣ ΣΑΛΑΑΜ, 24. — Αι κυβερνήσεις των Ηνωμένων Πολιτειών και της Μεγάλης Βρεταννίας ανεγνώρισαν σήμερον το νέον καθεστώς της Ζανζιβάρης. Κατά πληροφορίας εξ αρμοδίων κύκλων, η Δυτική Γερμανία μετέβαλε τας απόψεις της επί του ζητήματος της αναγνωρίσεως. Ο πρόεδρος της νέας κυβερνήσεως εδήλωσεν ότι η Ζανζιβάρη θα ακολουθήση πολιτικήν ουδετερότητος. — ΒΟΝΝΗ, 24. — Η κυβέρνησις της Δυτικής Γερμανίας ανακοινώνει ότι θα αναγνωρίση το νέον καθεστώς της Ζανζιβάρης.

ΚΟΙΝΗ ΦΡΟΝΤ
Ο ΑΠΟΛΟΓΙΣΜΟΣ ΤΩΝ ΝΕΚΡΩΝ
Η ΚΙΝΑ ΚΑΤΗΓΟΡΕΙ ΤΟΝ ΠΡΟΕΔΡΟΝ ΤΖΟΝΣΩΝ
ΟΤΙ ΣΥΝΕΧΙΖΕΙ ΤΗΝ ΕΠΙΘΕΤΙΚΗΝ ΠΟΛΙΤΙΚΗΝ
ΕΝΑΝΤΙΟΝ ΤΟΥ ΝΟΤΙΟΥ ΒΙΕΤΝΑΜ ΚΑΙ ΚΟΥΒΑΣ

ΠΕΚΙΝΟΝ, 24. — Η κυβέρνησις της Λαϊκής Δημοκρατίας της Κίνας κατηγορεί τον πρόεδρον Τζόνσων ότι συνεχίζει την επιθετικήν πολιτικήν έναντι του Νοτίου Βιετνάμ και της Κούβας, η οποία απειλεί την ειρήνην.

ΠΕΚΙΝΟΝ, 24. — Η κυβέρνησις της Λαϊκής Δημοκρατίας της Κίνας κατηγορεί τον πρόεδρον Τζόνσων ότι συνεχίζει την επιθετικήν πολιτικήν έναντι του Νοτίου Βιετνάμ και της Κούβας, η οποία απειλεί την ειρήνην.

Η ΛΙΒΥΗ ΔΕΝ ΠΡΟΤΙΘΕΤΑΙ ΝΑ ΣΥΝΕΧΙΣΗ
ΤΗΝ ΣΤΡΑΤΙΩΤΙΚΗΝ ΣΥΝΕΡΓΑΣΙΑΝ
ΜΕ ΤΗΝ ΑΜΕΡΙΚΗΝ ΚΑΙ ΤΗΝ ΜΕΓ. ΒΡΕΤΑΝΝΙΑΝ

ΚΑΙΡΟΝ, 24. — Εις ανακοίνωσιν της κυβερνήσεως της Λιβύης αναφέρεται ότι η χώρα δεν προτίθεται να ανανεώση τας συμφωνίας διά τας στρατιωτικάς βάσεις μετά της Αμερικής και της Μεγάλης Βρεταννίας, αι οποίαι λήγουν εντός του έτους.

ΚΑΙΡΟΝ, 24. — Εις ανακοίνωσιν της κυβερνήσεως της Λιβύης αναφέρεται ότι η χώρα δεν προτίθεται να ανανεώση τας συμφωνίας διά τας στρατιωτικάς βάσεις μετά της Αμερικής και της Μεγάλης Βρεταννίας, αι οποίαι λήγουν εντός του έτους.

ΜΑΘΗΤΑΙ ΤΗΣ ΖΑΚΥΝΘΟΥ ΚΑΙ ΤΟΥ ΗΡΑΚΛΕΙΟΥ
ΣΥΝΕΚΡΟΤΗΣΑΝ ΟΓΚΩΔΗ ΣΥΛΛΑΛΗΤΗΡΙΑ
ΚΑΤΑ ΤΩΝ ΣΥΜΦΩΝΙΩΝ ΖΥΡΙΧΗΣ-ΛΟΝΔΙΝΟΥ
ΕΙΣ ΤΟ ΗΡΑΚΛΕΙΟΝ

ΠΑΤΡΑΙ, 24. — Μαθηταί των σχολείων της Ζακύνθου συνεκρότησαν σήμερον ογκώδες συλλαλητήριον κατά των συμφωνιών Ζυρίχης - Λονδίνου και υπέρ της αυτοδιαθέσεως της Κύπρου. — ΗΡΑΚΛΕΙΟΝ, 24. — Και εις το Ηράκλειον έγινε συλλαλητήριον των μαθητών, οι οποίοι διήλθον τους κεντρικούς δρόμους της πόλεως.

ΠΑΤΡΑΙ, 24. — Μαθηταί των σχολείων της Ζακύνθου συνεκρότησαν σήμερον ογκώδες συλλαλητήριον κατά των συμφωνιών Ζυρίχης - Λονδίνου και υπέρ της αυτοδιαθέσεως της Κύπρου. — ΗΡΑΚΛΕΙΟΝ, 24. — Και εις το Ηράκλειον έγινε συλλαλητήριον των μαθητών, οι οποίοι διήλθον τους κεντρικούς δρόμους της πόλεως.

ΗΡΧΙΣΑΝ ΣΥΝΟΜΙΛΙΑΙ ΕΙΣ ΤΗΝ ΛΕΥΚΩΣΙΑΝ
ΠΡΟΣ ΚΑΘΙΕΡΩΣΙΝ ΑΕΡΟΠΟΡΙΚΗΣ ΓΡΑΜΜΗΣ
ΜΕΤΑΞΥ ΣΟΒΙΕΤΙΚΗΣ ΡΩΣΣΙΑΣ ΚΑΙ ΚΥΠΡΟΥ

ΛΕΥΚΩΣΙΑ, 24. — Ήρχισαν σήμερον αι συνομιλίαι μεταξύ αντιπροσωπειών της Σοβιετικής Ρωσσίας και της Κύπρου διά την καθιέρωσιν τακτικής αεροπορικής γραμμής μεταξύ των δύο χωρών.

ΛΕΥΚΩΣΙΑ, 24. — Ήρχισαν σήμερον αι συνομιλίαι μεταξύ αντιπροσωπειών της Σοβιετικής Ρωσσίας και της Κύπρου διά την καθιέρωσιν τακτικής αεροπορικής γραμμής μεταξύ των δύο χωρών.

ΤΑ ΥΔΑΤΑ ΤΟΥ ΑΜΑΖΟΝΙΟΥ ΤΑ ΚΑΘΑΡΟΤΕΡΑ ΤΟΥ ΚΟΣΜΟΥ
ΑΝΕΚΑΛΥΨΕΝ ΑΜΕΡΙΚΑΝΙΚΗ ΕΠΙΣΤΗΜΟΝΙΚΗ ΑΠΟΣΤΟΛΗ

ΟΥΑΣΙΓΚΤΩΝ, 24. — Αμερικανική επιστημονική αποστολή, η οποία ερεύνησε τα ύδατα του ποταμού Αμαζονίου, ανεκοίνωσεν ότι ταύτα είναι τα καθαρότερα του κόσμου.

ΟΥΑΣΙΓΚΤΩΝ, 24. — Αμερικανική επιστημονική αποστολή, η οποία ερεύνησε τα ύδατα του ποταμού Αμαζονίου, ανεκοίνωσεν ότι ταύτα είναι τα καθαρότερα του κόσμου.

ΕΛΛΗΝΕΣ ΕΠΙΣΤΗΜΟΝΕΣ ΕΒΡΑΒΕΥΘΗΣΑΝ
ΥΠΟ ΤΗΣ ΓΑΛΛΙΚΗΣ ΑΚΑΔΗΜΙΑΣ ΕΠΙΓΡΑΦΩΝ

ΠΑΡΙΣΙΟΙ, 24. — Η Γαλλική Ακαδημία Επιγραφών και Καλών Γραμμάτων εβράβευσε δύο Έλληνας επιστήμονας διά τας μελέτας των επί της αρχαίας ελληνικής ιστορίας και αρχαιολογίας.

ΠΑΡΙΣΙΟΙ, 24. — Η Γαλλική Ακαδημία Επιγραφών και Καλών Γραμμάτων εβράβευσε δύο Έλληνας επιστήμονας διά τας μελέτας των επί της αρχαίας ελληνικής ιστορίας και αρχαιολογίας.

ΕΩΡΤΑΣΘΗ ΜΕ ΛΑΜΠΡΟΤΗΤΑ ΕΙΣ ΤΗΝ ΑΓΚΥΡΑΝ
Η ΕΝΑΤΗ ΕΠΕΤΕΙΟΣ ΤΗΣ ΙΔΡΥΣΕΩΣ ΤΟΥ ΣΕΝΤΟ

ΑΓΚΥΡΑ, 24. — Εωρτάσθη σήμερον με λαμπρότητα εις την Άγκυραν η ενάτη επέτειος της ιδρύσεως του ΣΕΝΤΟ. Εις την τελετήν παρέστησαν οι πρεσβευταί των κρατών - μελών του Οργανισμού.

ΑΓΚΥΡΑ, 24. — Εωρτάσθη σήμερον με λαμπρότητα εις την Άγκυραν η ενάτη επέτειος της ιδρύσεως του ΣΕΝΤΟ. Εις την τελετήν παρέστησαν οι πρεσβευταί των κρατών - μελών του Οργανισμού.

ΟΙ ΚΕΡΔΙΖΟΝΤΕΣ ΑΡΙΘΜΟΙ ΤΟΥ ΛΑΪΚΟΥ ΛΑΧΕΙΟΥ

ΑΘΗΝΑΙ, 24. — Κατά την σημερινήν κλήρωσιν του Λαϊκού Λαχείου, εκέρδισαν οι κάτωθι αριθμοί:

6578 12860 20632 27018 41767
42370 51003 51203 54990
Ο αριθμός 17184 κερδίζει 100.
Ο αριθμός 63981 κερδίζει 100.
Ο αριθμός 11274 κερδίζει 50.
Ανά 1.000 δρχ. κερδίζουν οι
10916 23348 28629 32765 33116
42818 49187 51789 61474 71457
Ανά 500 δρχ. κερδίζουν οι
11969 13141 17922 16932 17683
23914 25374 26442 26463 28944
35361 35526 37543 38963 41423
49213 50162 54027 54833 58213
63168 63978 65133 68163 71993
Ανά 200 δρχ. κερδίζουν οι
10796 24382 28402 32975 33222
39406 40103 41282 46281 51103
2449 4231 7293 17850 29002
5717 6241 9140 13441 20917
56005 56197 57006 60281 61477
Ανά 40 δρχ. κερδίζουν πάντες
οι λήγοντες εις 4
Η προσεχής κλήρωσις θα γίνη την 2αν Μαρτίου.
